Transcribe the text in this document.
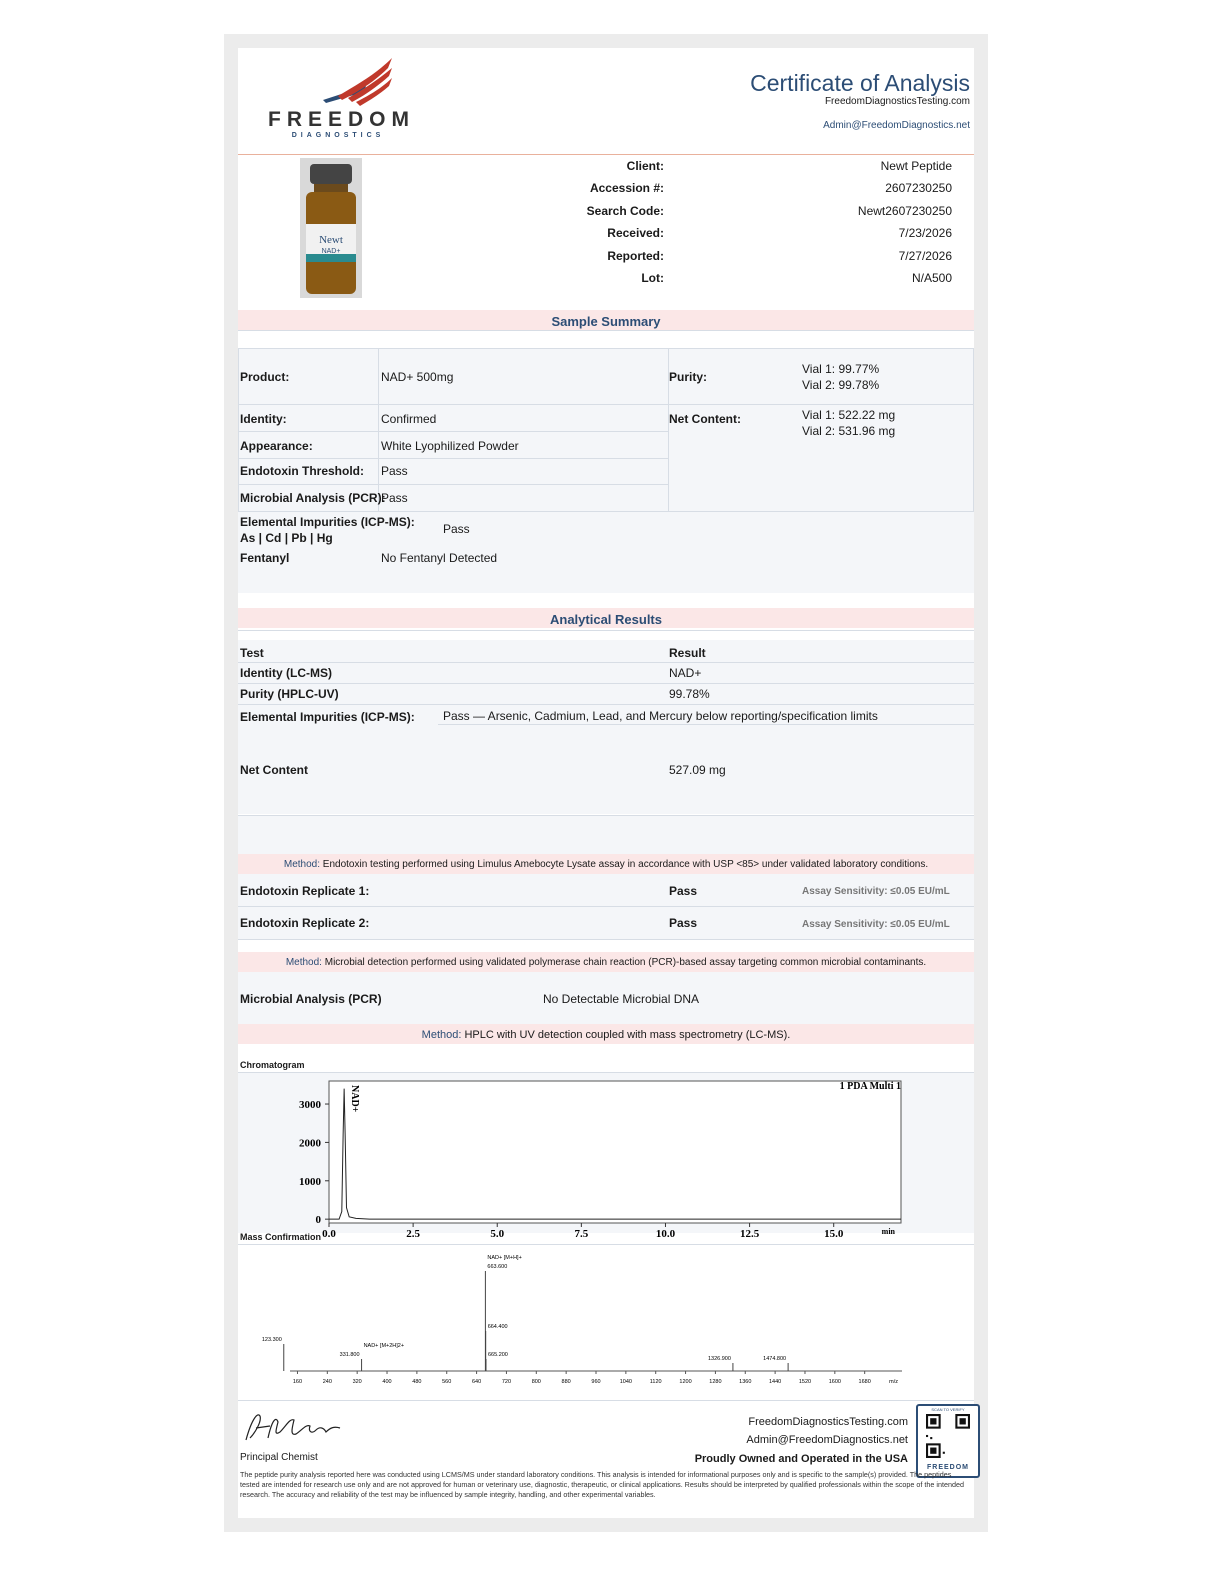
FREEDOM
DIAGNOSTICS
Certificate of Analysis
FreedomDiagnosticsTesting.com
Admin@FreedomDiagnostics.net
Newt
NAD+
Client:	Newt Peptide
Accession #:	2607230250
Search Code:	Newt2607230250
Received:	7/23/2026
Reported:	7/27/2026
Lot:	N/A500
Sample Summary
Product:	NAD+ 500mg	Purity:
Vial 1: 99.77%
Vial 2: 99.78%
Identity:	Confirmed	Net Content:	Vial 1: 522.22 mg
Vial 2: 531.96 mg
Appearance:	White Lyophilized Powder
Endotoxin Threshold: Pass
Microbial Analysis (PCR):
Pass
Elemental Impurities (ICP-MS):
As | Cd | Pb | Hg
Pass
Fentanyl	No Fentanyl Detected
Analytical Results
Test	Result
Identity (LC-MS)	NAD+
Purity (HPLC-UV)	99.78%
Elemental Impurities (ICP-MS): Pass — Arsenic, Cadmium, Lead, and Mercury below reporting/specification limits
Net Content	527.09 mg
Method: Endotoxin testing performed using Limulus Amebocyte Lysate assay in accordance with USP <85> under validated laboratory conditions.
Endotoxin Replicate 1:	Pass	Assay Sensitivity: ≤0.05 EU/mL
Endotoxin Replicate 2:	Pass	Assay Sensitivity: ≤0.05 EU/mL
Method: Microbial detection performed using validated polymerase chain reaction (PCR)-based assay targeting common microbial contaminants.
Microbial Analysis (PCR)	No Detectable Microbial DNA
Method: HPLC with UV detection coupled with mass spectrometry (LC-MS).
Chromatogram
0
1000
2000
3000
0.0	2.5	5.0	7.5	10.0	12.5	15.0	min
1 PDA Multi 1
NAD+
Mass Confirmation
160	240	320	400	480	560	640	720	800	880	960	1040	1120	1200	1280	1360	1440	1520	1600	1680	m/z
123.300
331.800
663.600
664.400
665.200
1326.900	1474.800
NAD+ [M+H]+
NAD+ [M+2H]2+
Principal Chemist
FreedomDiagnosticsTesting.com
Admin@FreedomDiagnostics.net
Proudly Owned and Operated in the USA
SCAN TO VERIFY
FREEDOM
The peptide purity analysis reported here was conducted using LCMS/MS under standard laboratory conditions. This analysis is intended for informational purposes only and is specific to the sample(s) provided. The peptides tested are intended for research use only and are not approved for human or veterinary use, diagnostic, therapeutic, or clinical applications. Results should be interpreted by qualified professionals within the scope of the intended research. The accuracy and reliability of the test may be influenced by sample integrity, handling, and other experimental variables.
